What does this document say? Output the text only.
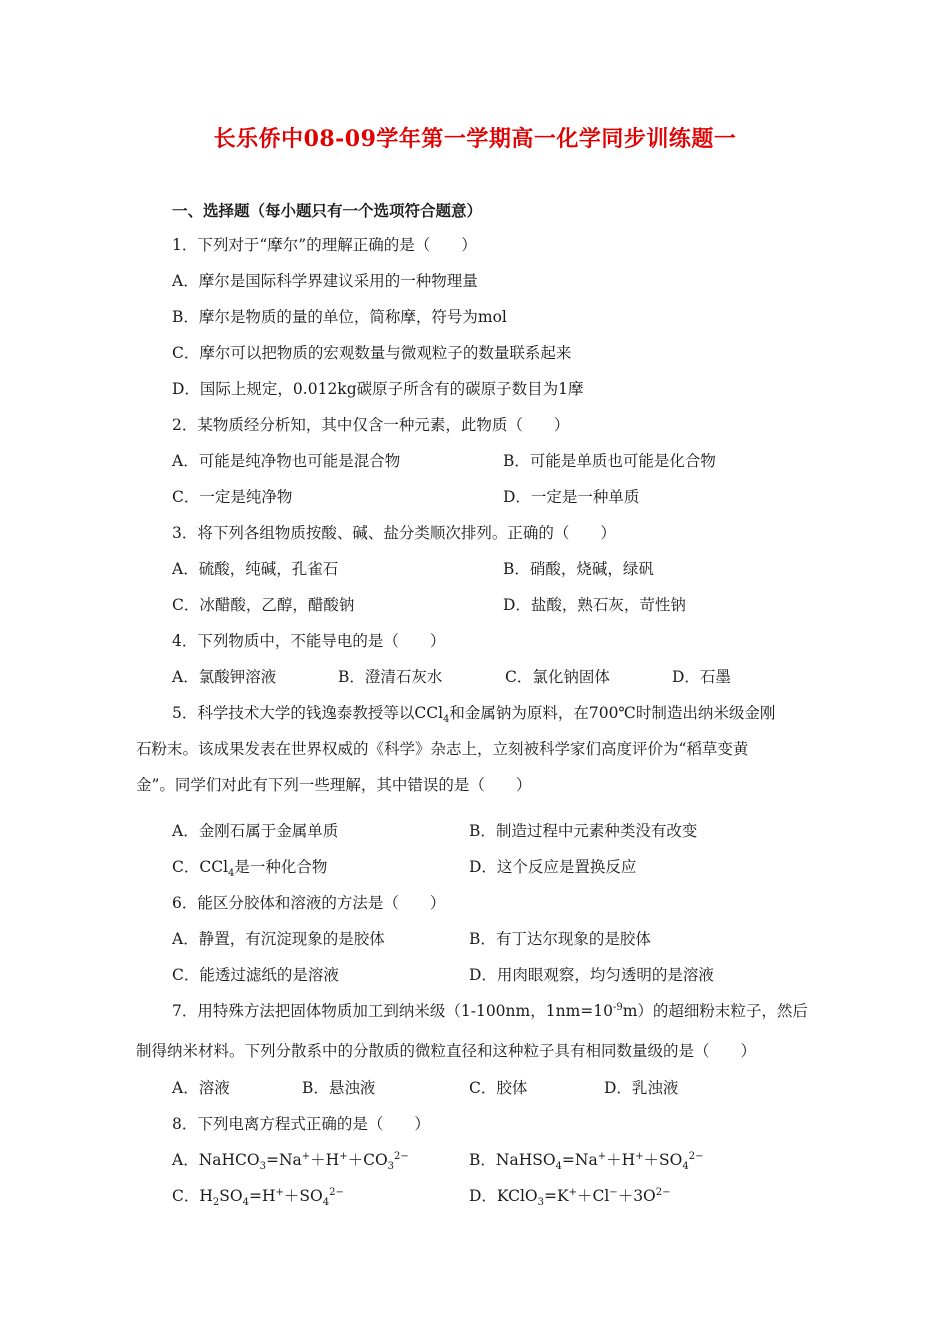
长乐侨中08-09学年第一学期高一化学同步训练题一
一、选择题（每小题只有一个选项符合题意）
1．下列对于“摩尔”的理解正确的是（　　）
A．摩尔是国际科学界建议采用的一种物理量
B．摩尔是物质的量的单位，简称摩，符号为mol
C．摩尔可以把物质的宏观数量与微观粒子的数量联系起来
D．国际上规定，0.012kg碳原子所含有的碳原子数目为1摩
2．某物质经分析知，其中仅含一种元素，此物质（　　）
A．可能是纯净物也可能是混合物	B．可能是单质也可能是化合物
C．一定是纯净物	D．一定是一种单质
3．将下列各组物质按酸、碱、盐分类顺次排列。正确的（　　）
A．硫酸，纯碱，孔雀石	B．硝酸，烧碱，绿矾
C．冰醋酸，乙醇，醋酸钠	D．盐酸，熟石灰，苛性钠
4．下列物质中，不能导电的是（　　）
A．氯酸钾溶液	B．澄清石灰水	C．氯化钠固体	D．石墨
5．科学技术大学的钱逸泰教授等以CCl$_4$和金属钠为原料，在700℃时制造出纳米级金刚
石粉末。该成果发表在世界权威的《科学》杂志上，立刻被科学家们高度评价为“稻草变黄
金”。同学们对此有下列一些理解，其中错误的是（　　）
A．金刚石属于金属单质	B．制造过程中元素种类没有改变
C．CCl$_4$是一种化合物	D．这个反应是置换反应
6．能区分胶体和溶液的方法是（　　）
A．静置，有沉淀现象的是胶体	B．有丁达尔现象的是胶体
C．能透过滤纸的是溶液	D．用肉眼观察，均匀透明的是溶液
7．用特殊方法把固体物质加工到纳米级（1-100nm，$1nm=10^{-9}m$）的超细粉末粒子，然后
制得纳米材料。下列分散系中的分散质的微粒直径和这种粒子具有相同数量级的是（　　）
A．溶液	B．悬浊液	C．胶体	D．乳浊液
8．下列电离方程式正确的是（　　）
A．$NaHCO_3=Na^++H^++CO_3^{2-}$	B．$NaHSO_4=Na^++H^++SO_4^{2-}$
C．$H_2SO_4=H^++SO_4^{2-}$	D．$KClO_3=K^++Cl^-+3O^{2-}$
